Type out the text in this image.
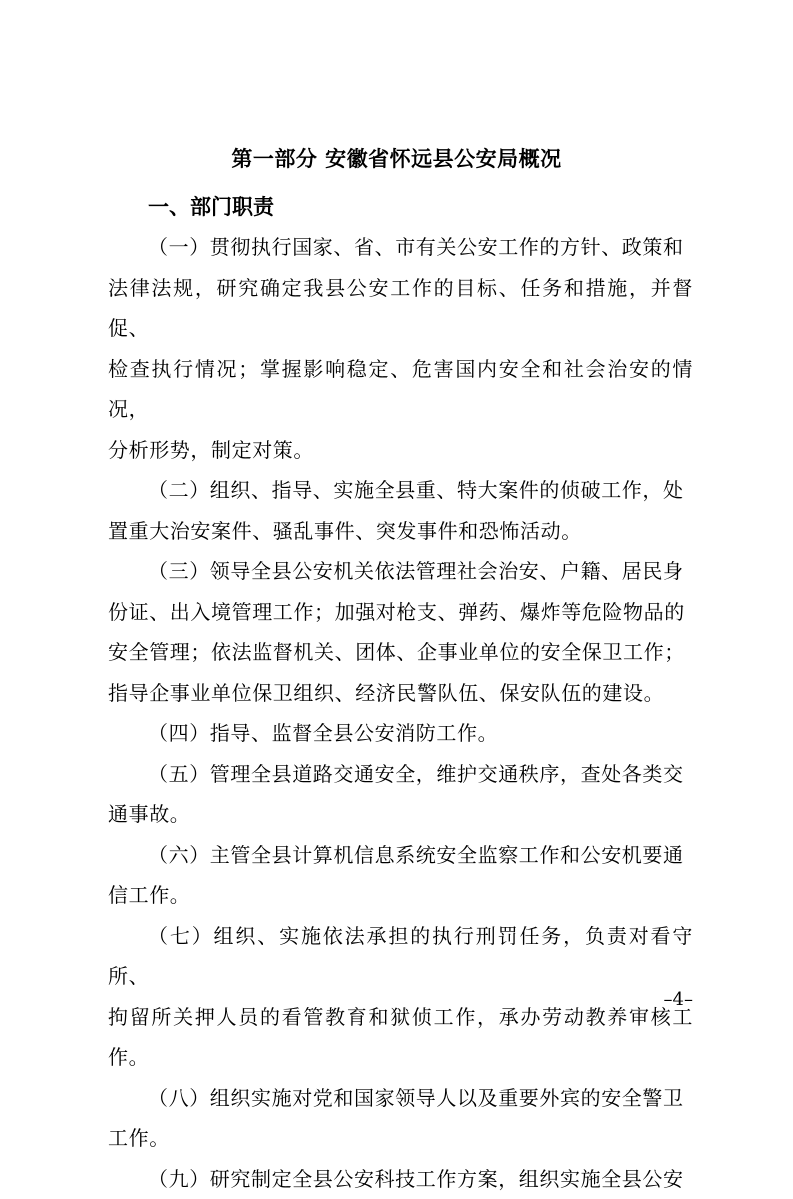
第一部分 安徽省怀远县公安局概况
一、部门职责

（一）贯彻执行国家、省、市有关公安工作的方针、政策和
法律法规，研究确定我县公安工作的目标、任务和措施，并督促、
检查执行情况；掌握影响稳定、危害国内安全和社会治安的情况，
分析形势，制定对策。

（二）组织、指导、实施全县重、特大案件的侦破工作，处
置重大治安案件、骚乱事件、突发事件和恐怖活动。

（三）领导全县公安机关依法管理社会治安、户籍、居民身
份证、出入境管理工作；加强对枪支、弹药、爆炸等危险物品的
安全管理；依法监督机关、团体、企事业单位的安全保卫工作；
指导企事业单位保卫组织、经济民警队伍、保安队伍的建设。

（四）指导、监督全县公安消防工作。

（五）管理全县道路交通安全，维护交通秩序，查处各类交
通事故。

（六）主管全县计算机信息系统安全监察工作和公安机要通
信工作。

（七）组织、实施依法承担的执行刑罚任务，负责对看守所、
拘留所关押人员的看管教育和狱侦工作，承办劳动教养审核工作。

（八）组织实施对党和国家领导人以及重要外宾的安全警卫
工作。

（九）研究制定全县公安科技工作方案，组织实施全县公安

–4–
